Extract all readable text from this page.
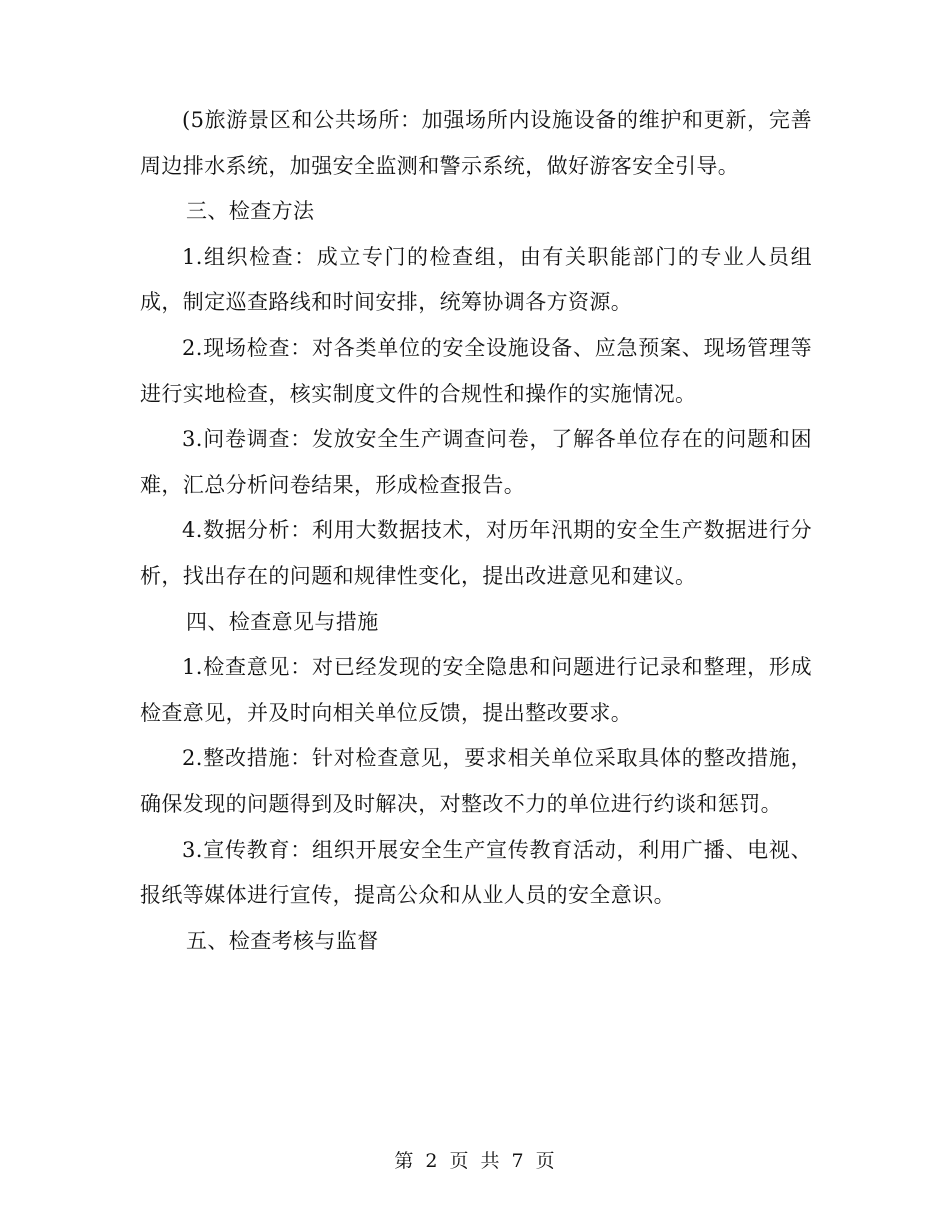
(5旅游景区和公共场所：加强场所内设施设备的维护和更新，完善周边排水系统，加强安全监测和警示系统，做好游客安全引导。

三、检查方法

1.组织检查：成立专门的检查组，由有关职能部门的专业人员组成，制定巡查路线和时间安排，统筹协调各方资源。

2.现场检查：对各类单位的安全设施设备、应急预案、现场管理等进行实地检查，核实制度文件的合规性和操作的实施情况。

3.问卷调查：发放安全生产调查问卷，了解各单位存在的问题和困难，汇总分析问卷结果，形成检查报告。

4.数据分析：利用大数据技术，对历年汛期的安全生产数据进行分析，找出存在的问题和规律性变化，提出改进意见和建议。

四、检查意见与措施

1.检查意见：对已经发现的安全隐患和问题进行记录和整理，形成检查意见，并及时向相关单位反馈，提出整改要求。

2.整改措施：针对检查意见，要求相关单位采取具体的整改措施，确保发现的问题得到及时解决，对整改不力的单位进行约谈和惩罚。

3.宣传教育：组织开展安全生产宣传教育活动，利用广播、电视、报纸等媒体进行宣传，提高公众和从业人员的安全意识。

五、检查考核与监督

第 2 页 共 7 页
